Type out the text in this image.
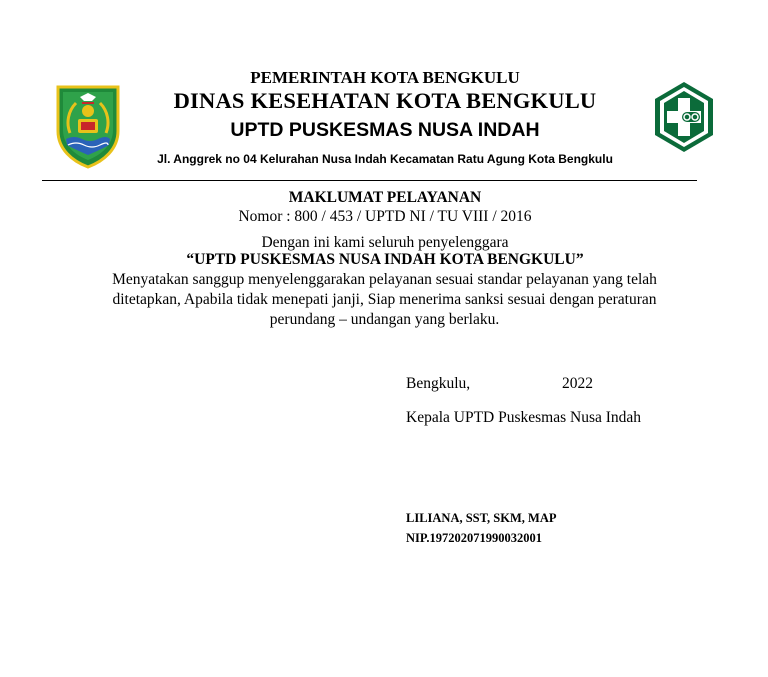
PEMERINTAH KOTA BENGKULU
DINAS KESEHATAN KOTA BENGKULU
UPTD PUSKESMAS NUSA INDAH
Jl. Anggrek no 04 Kelurahan Nusa Indah Kecamatan Ratu Agung Kota Bengkulu
MAKLUMAT PELAYANAN
Nomor : 800 / 453 / UPTD NI / TU VIII / 2016
Dengan ini kami seluruh penyelenggara
“UPTD PUSKESMAS NUSA INDAH KOTA BENGKULU”
Menyatakan sanggup menyelenggarakan pelayanan sesuai standar pelayanan yang telah ditetapkan, Apabila tidak menepati janji, Siap menerima sanksi sesuai dengan peraturan perundang – undangan yang berlaku.
Bengkulu,	2022
Kepala UPTD Puskesmas Nusa Indah
LILIANA, SST, SKM, MAP
NIP.197202071990032001
